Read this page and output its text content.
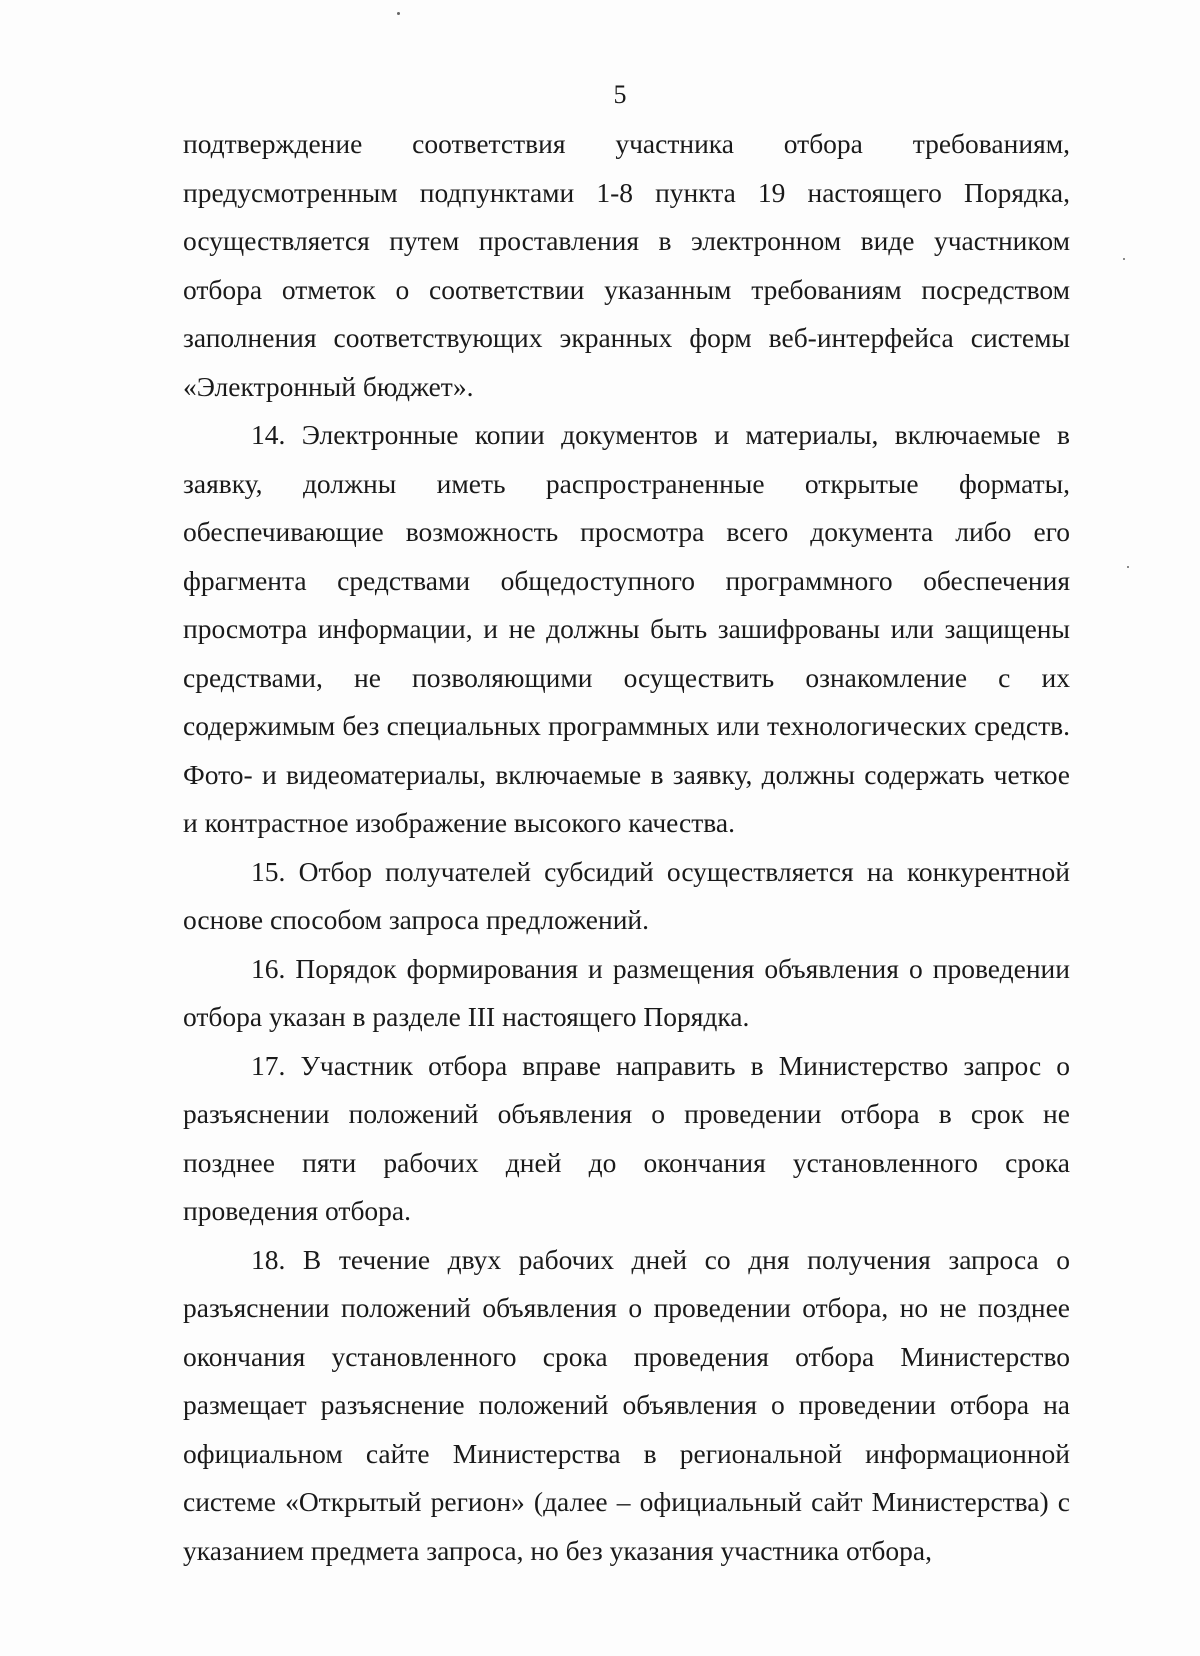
5

подтверждение соответствия участника отбора требованиям, предусмотренным подпунктами 1-8 пункта 19 настоящего Порядка, осуществляется путем проставления в электронном виде участником отбора отметок о соответствии указанным требованиям посредством заполнения соответствующих экранных форм веб-интерфейса системы «Электронный бюджет».

14. Электронные копии документов и материалы, включаемые в заявку, должны иметь распространенные открытые форматы, обеспечивающие возможность просмотра всего документа либо его фрагмента средствами общедоступного программного обеспечения просмотра информации, и не должны быть зашифрованы или защищены средствами, не позволяющими осуществить ознакомление с их содержимым без специальных программных или технологических средств. Фото- и видеоматериалы, включаемые в заявку, должны содержать четкое и контрастное изображение высокого качества.

15. Отбор получателей субсидий осуществляется на конкурентной основе способом запроса предложений.

16. Порядок формирования и размещения объявления о проведении отбора указан в разделе III настоящего Порядка.

17. Участник отбора вправе направить в Министерство запрос о разъяснении положений объявления о проведении отбора в срок не позднее пяти рабочих дней до окончания установленного срока проведения отбора.

18. В течение двух рабочих дней со дня получения запроса о разъяснении положений объявления о проведении отбора, но не позднее окончания установленного срока проведения отбора Министерство размещает разъяснение положений объявления о проведении отбора на официальном сайте Министерства в региональной информационной системе «Открытый регион» (далее – официальный сайт Министерства) с указанием предмета запроса, но без указания участника отбора,
